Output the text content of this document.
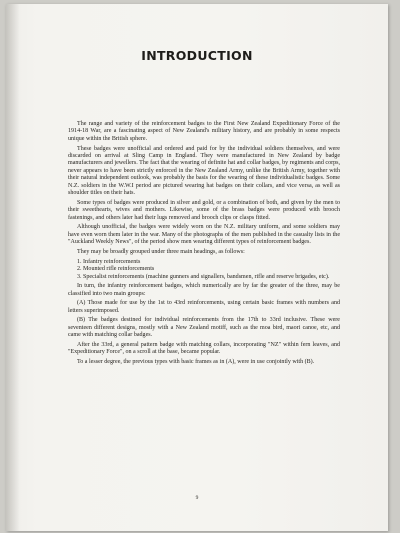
INTRODUCTION

The range and variety of the reinforcement badges to the First New Zealand Expeditionary Force of the 1914-18 War, are a fascinating aspect of New Zealand's military history, and are probably in some respects unique within the British sphere.

These badges were unofficial and ordered and paid for by the individual soldiers themselves, and were discarded on arrival at Sling Camp in England. They were manufactured in New Zealand by badge manufacturers and jewellers. The fact that the wearing of definite hat and collar badges, by regiments and corps, never appears to have been strictly enforced in the New Zealand Army, unlike the British Army, together with their natural independent outlook, was probably the basis for the wearing of these individualistic badges. Some N.Z. soldiers in the W.W.I period are pictured wearing hat badges on their collars, and vice versa, as well as shoulder titles on their hats.

Some types of badges were produced in silver and gold, or a combination of both, and given by the men to their sweethearts, wives and mothers. Likewise, some of the brass badges were produced with brooch fastenings, and others later had their lugs removed and brooch clips or clasps fitted.

Although unofficial, the badges were widely worn on the N.Z. military uniform, and some soldiers may have even worn them later in the war. Many of the photographs of the men published in the casualty lists in the "Auckland Weekly News", of the period show men wearing different types of reinforcement badges.

They may be broadly grouped under three main headings, as follows:

1. Infantry reinforcements
2. Mounted rifle reinforcements
3. Specialist reinforcements (machine gunners and signallers, bandsmen, rifle and reserve brigades, etc).

In turn, the infantry reinforcement badges, which numerically are by far the greater of the three, may be classified into two main groups:

(A) Those made for use by the 1st to 43rd reinforcements, using certain basic frames with numbers and letters superimposed.

(B) The badges destined for individual reinforcements from the 17th to 33rd inclusive. These were seventeen different designs, mostly with a New Zealand motiff, such as the moa bird, maori canoe, etc, and came with matching collar badges.

After the 33rd, a general pattern badge with matching collars, incorporating "NZ" within fern leaves, and "Expeditionary Force", on a scroll at the base, became popular.

To a lesser degree, the previous types with basic frames as in (A), were in use conjointly with (B).

9
